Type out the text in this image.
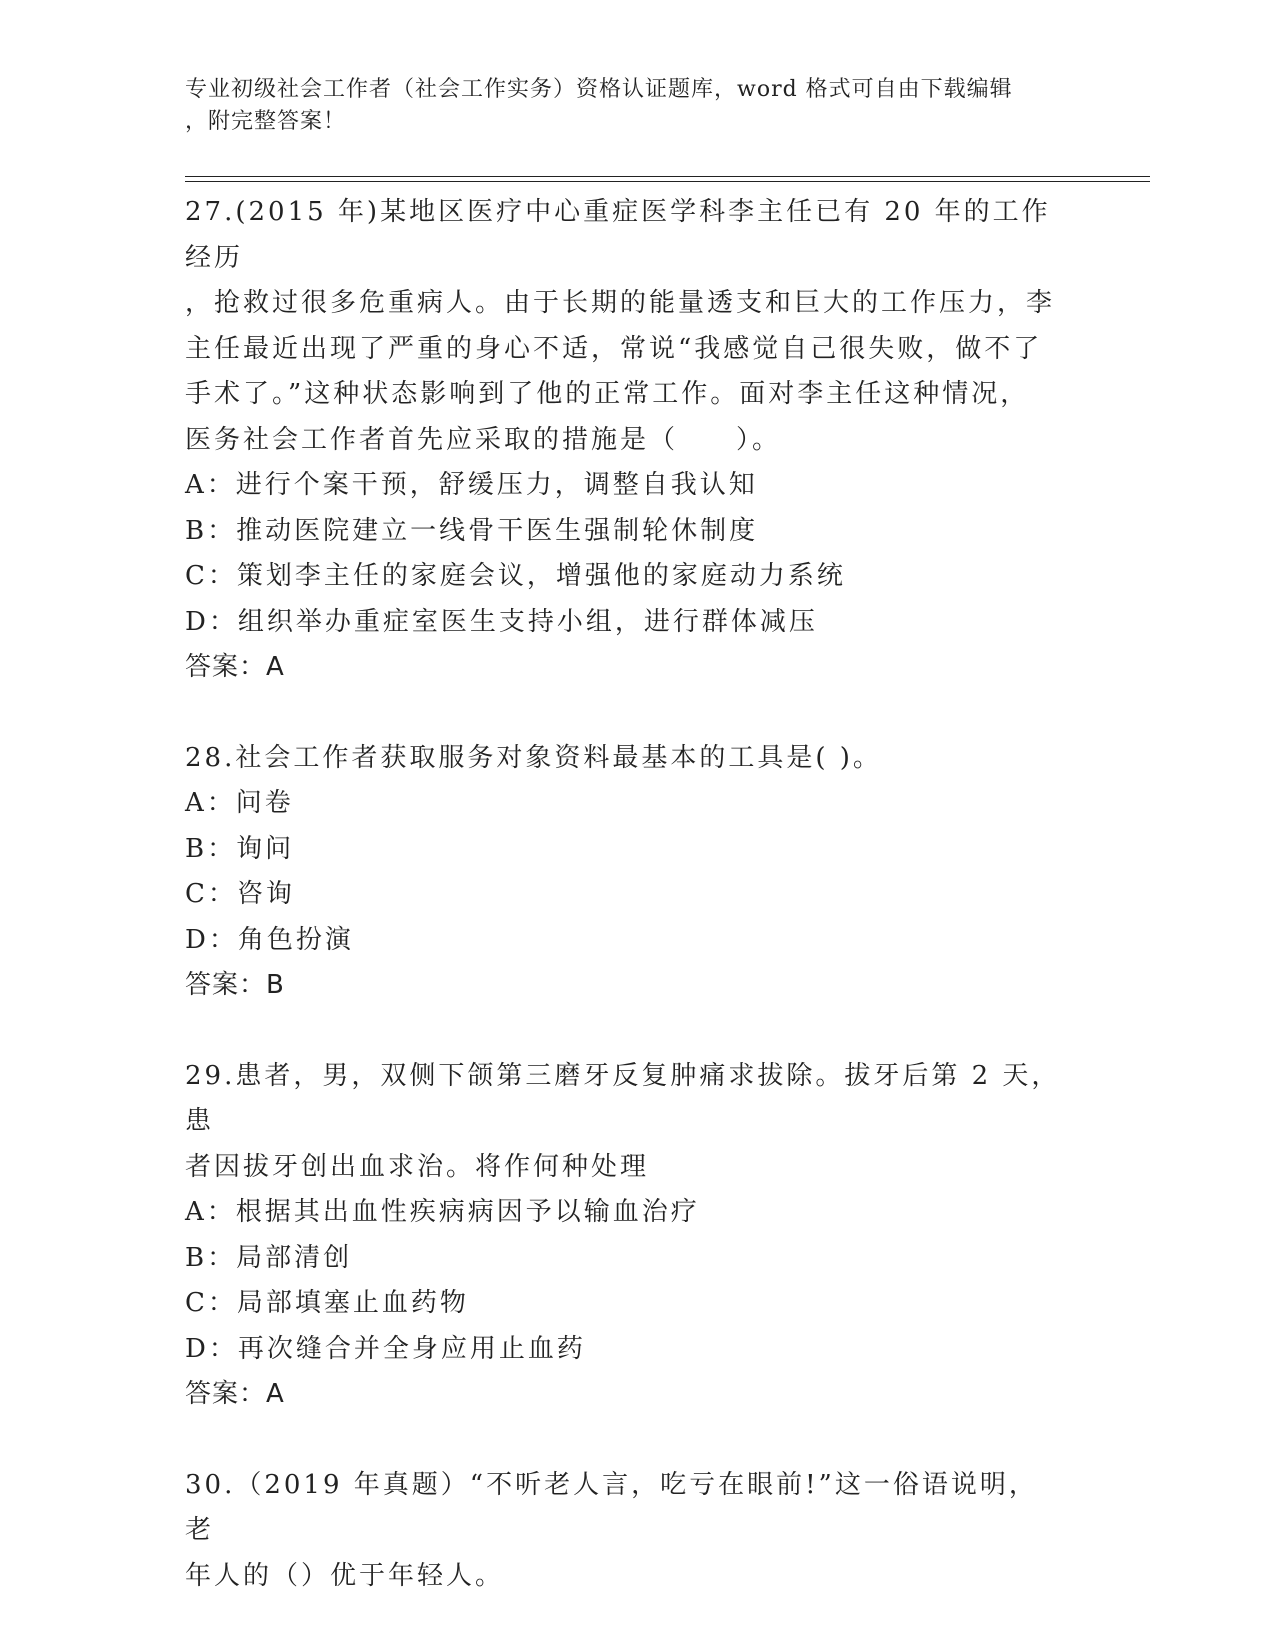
专业初级社会工作者（社会工作实务）资格认证题库，word 格式可自由下载编辑
，附完整答案！

27.(2015 年)某地区医疗中心重症医学科李主任已有 20 年的工作经历

，抢救过很多危重病人。由于长期的能量透支和巨大的工作压力，李

主任最近出现了严重的身心不适，常说“我感觉自己很失败，做不了

手术了。”这种状态影响到了他的正常工作。面对李主任这种情况，

医务社会工作者首先应采取的措施是（　　）。

A：进行个案干预，舒缓压力，调整自我认知

B：推动医院建立一线骨干医生强制轮休制度

C：策划李主任的家庭会议，增强他的家庭动力系统

D：组织举办重症室医生支持小组，进行群体减压

答案：A

28.社会工作者获取服务对象资料最基本的工具是( )。

A：问卷

B：询问

C：咨询

D：角色扮演

答案：B

29.患者，男，双侧下颌第三磨牙反复肿痛求拔除。拔牙后第 2 天，患

者因拔牙创出血求治。将作何种处理

A：根据其出血性疾病病因予以输血治疗

B：局部清创

C：局部填塞止血药物

D：再次缝合并全身应用止血药

答案：A

30.（2019 年真题）“不听老人言，吃亏在眼前!”这一俗语说明，老

年人的（）优于年轻人。
